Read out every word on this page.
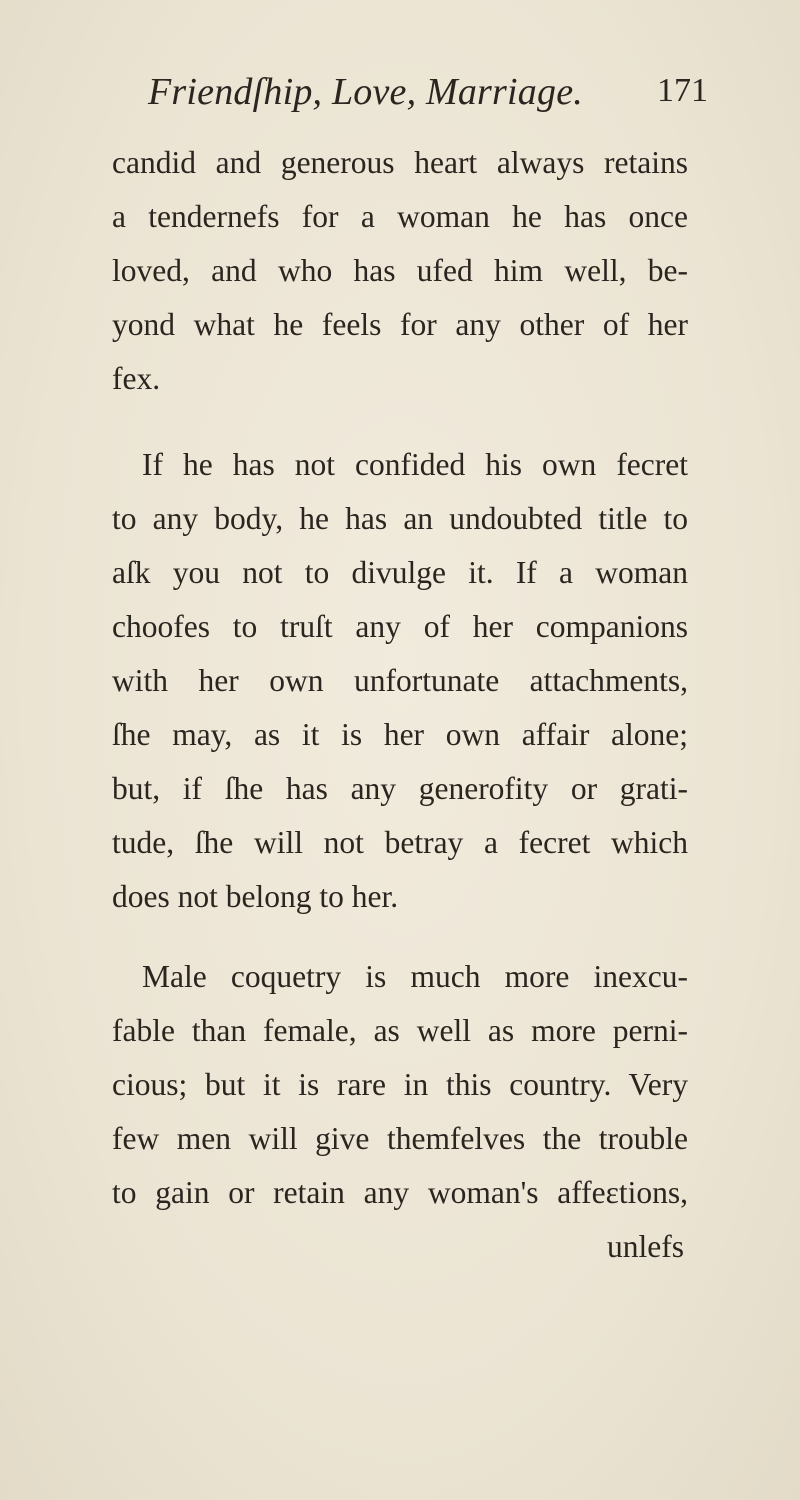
Friendſhip, Love, Marriage. 171
candid and generous heart always retains
a tendernefs for a woman he has once
loved, and who has ufed him well, be-
yond what he feels for any other of her
fex.
If he has not confided his own fecret
to any body, he has an undoubted title to
aſk you not to divulge it. If a woman
choofes to truſt any of her companions
with her own unfortunate attachments,
ſhe may, as it is her own affair alone;
but, if ſhe has any generofity or grati-
tude, ſhe will not betray a fecret which
does not belong to her.
Male coquetry is much more inexcu-
fable than female, as well as more perni-
cious; but it is rare in this country. Very
few men will give themfelves the trouble
to gain or retain any woman's affeɛtions,
unlefs
